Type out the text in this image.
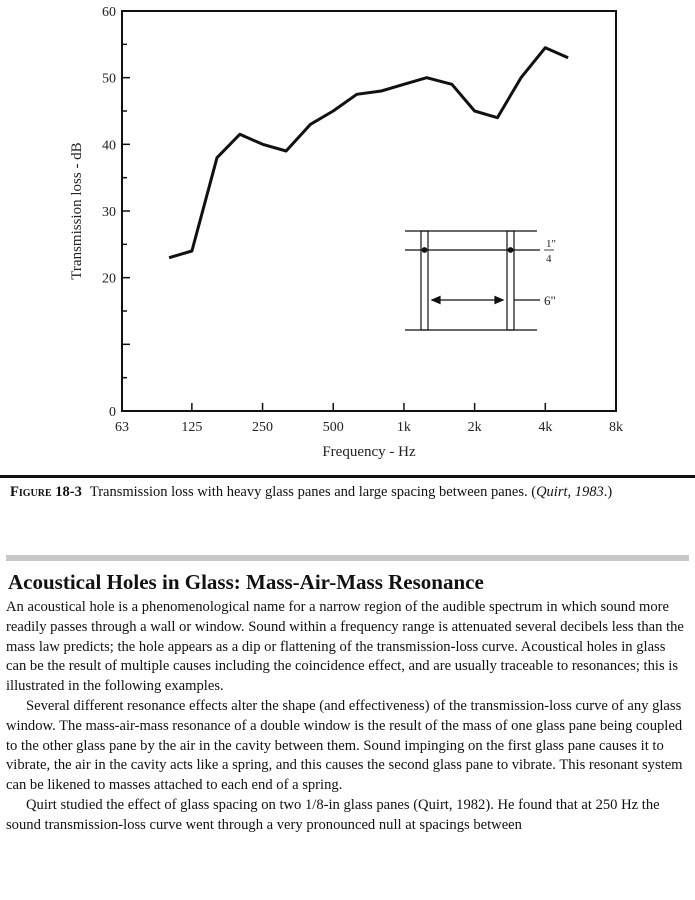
0
20
30
40
50
60
63	125	250	500	1k	2k	4k	8k
Frequency - Hz
Transmission loss - dB	1"
4
6"
Figure 18-3 Transmission loss with heavy glass panes and large spacing between panes. (Quirt, 1983.)
Acoustical Holes in Glass: Mass-Air-Mass Resonance

An acoustical hole is a phenomenological name for a narrow region of the audible spectrum in which sound more readily passes through a wall or window. Sound within a frequency range is attenuated several decibels less than the mass law predicts; the hole appears as a dip or flattening of the transmission-loss curve. Acoustical holes in glass can be the result of multiple causes including the coincidence effect, and are usually traceable to resonances; this is illustrated in the following examples.

Several different resonance effects alter the shape (and effectiveness) of the transmission-loss curve of any glass window. The mass-air-mass resonance of a double window is the result of the mass of one glass pane being coupled to the other glass pane by the air in the cavity between them. Sound impinging on the first glass pane causes it to vibrate, the air in the cavity acts like a spring, and this causes the second glass pane to vibrate. This resonant system can be likened to masses attached to each end of a spring.

Quirt studied the effect of glass spacing on two 1/8-in glass panes (Quirt, 1982). He found that at 250 Hz the sound transmission-loss curve went through a very pronounced null at spacings between
